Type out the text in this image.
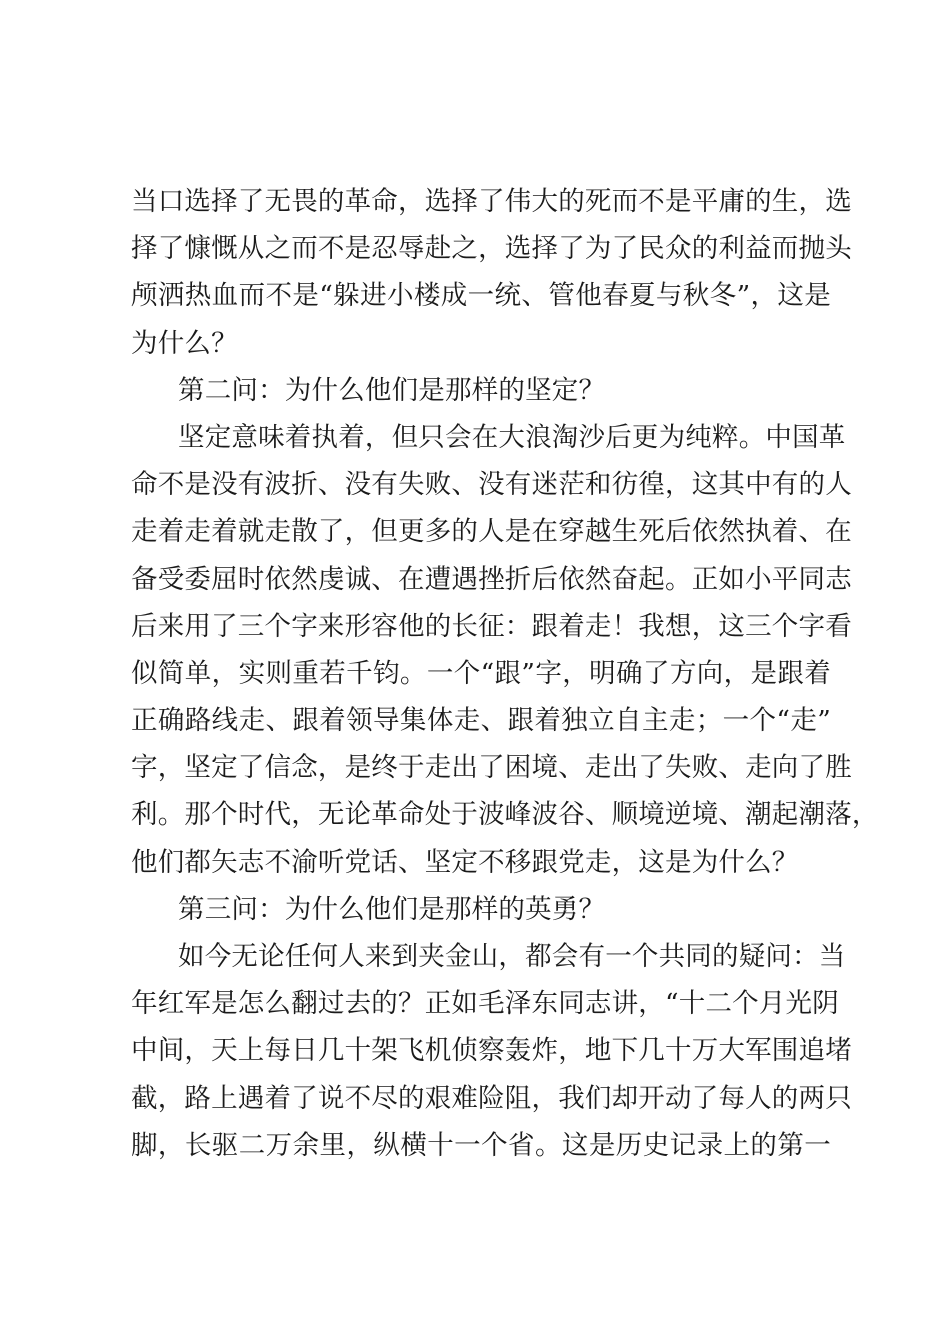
当口选择了无畏的革命，选择了伟大的死而不是平庸的生，选
择了慷慨从之而不是忍辱赴之，选择了为了民众的利益而抛头
颅洒热血而不是“躲进小楼成一统、管他春夏与秋冬”，这是
为什么？
第二问：为什么他们是那样的坚定？
坚定意味着执着，但只会在大浪淘沙后更为纯粹。中国革
命不是没有波折、没有失败、没有迷茫和彷徨，这其中有的人
走着走着就走散了，但更多的人是在穿越生死后依然执着、在
备受委屈时依然虔诚、在遭遇挫折后依然奋起。正如小平同志
后来用了三个字来形容他的长征：跟着走！我想，这三个字看
似简单，实则重若千钧。一个“跟”字，明确了方向，是跟着
正确路线走、跟着领导集体走、跟着独立自主走；一个“走”
字，坚定了信念，是终于走出了困境、走出了失败、走向了胜
利。那个时代，无论革命处于波峰波谷、顺境逆境、潮起潮落，
他们都矢志不渝听党话、坚定不移跟党走，这是为什么？
第三问：为什么他们是那样的英勇？
如今无论任何人来到夹金山，都会有一个共同的疑问：当
年红军是怎么翻过去的？正如毛泽东同志讲，“十二个月光阴
中间，天上每日几十架飞机侦察轰炸，地下几十万大军围追堵
截，路上遇着了说不尽的艰难险阻，我们却开动了每人的两只
脚，长驱二万余里，纵横十一个省。这是历史记录上的第一
